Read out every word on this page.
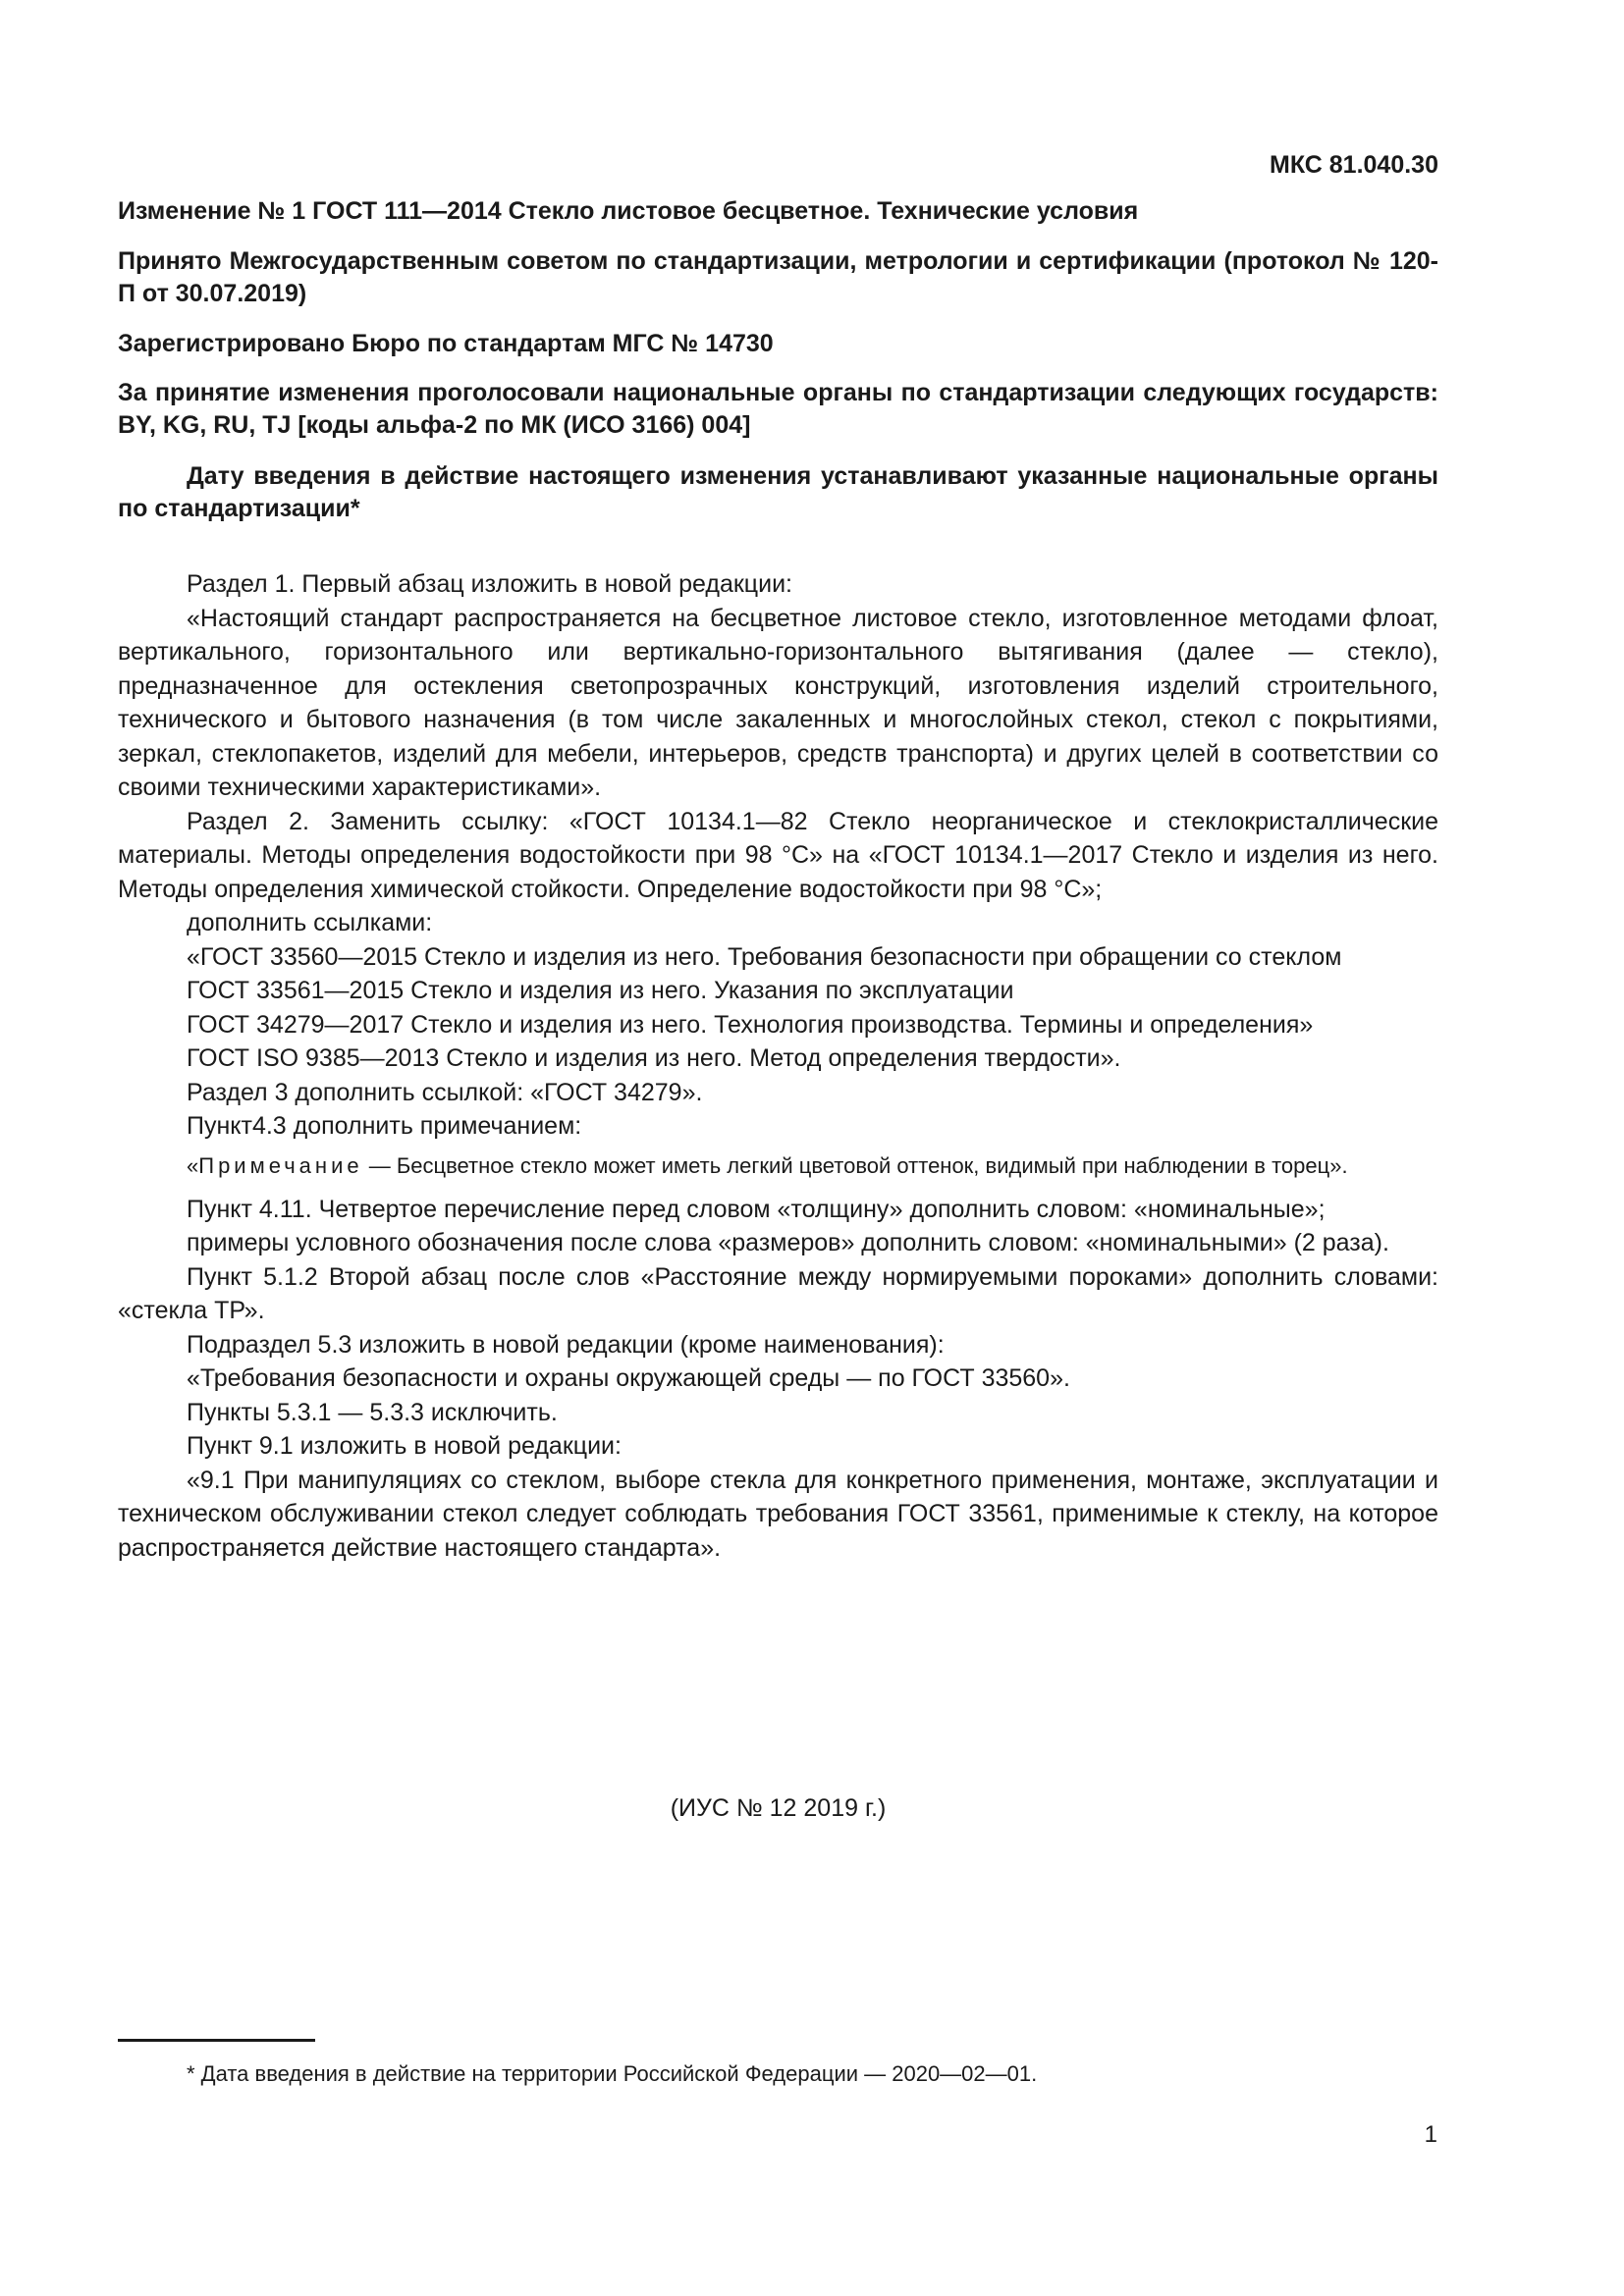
МКС 81.040.30
Изменение № 1 ГОСТ 111—2014 Стекло листовое бесцветное. Технические условия
Принято Межгосударственным советом по стандартизации, метрологии и сертификации (протокол № 120-П от 30.07.2019)
Зарегистрировано Бюро по стандартам МГС № 14730
За принятие изменения проголосовали национальные органы по стандартизации следующих государств: BY, KG, RU, TJ [коды альфа-2 по МК (ИСО 3166) 004]
Дату введения в действие настоящего изменения устанавливают указанные национальные органы по стандартизации*

Раздел 1. Первый абзац изложить в новой редакции:

«Настоящий стандарт распространяется на бесцветное листовое стекло, изготовленное методами флоат, вертикального, горизонтального или вертикально-горизонтального вытягивания (далее — стекло), предназначенное для остекления светопрозрачных конструкций, изготовления изделий строительного, технического и бытового назначения (в том числе закаленных и многослойных стекол, стекол с покрытиями, зеркал, стеклопакетов, изделий для мебели, интерьеров, средств транспорта) и других целей в соответствии со своими техническими характеристиками».

Раздел 2. Заменить ссылку: «ГОСТ 10134.1—82 Стекло неорганическое и стеклокристаллические материалы. Методы определения водостойкости при 98 °С» на «ГОСТ 10134.1—2017 Стекло и изделия из него. Методы определения химической стойкости. Определение водостойкости при 98 °С»;

дополнить ссылками:

«ГОСТ 33560—2015 Стекло и изделия из него. Требования безопасности при обращении со стеклом

ГОСТ 33561—2015 Стекло и изделия из него. Указания по эксплуатации

ГОСТ 34279—2017 Стекло и изделия из него. Технология производства. Термины и определения»

ГОСТ ISO 9385—2013 Стекло и изделия из него. Метод определения твердости».

Раздел 3 дополнить ссылкой: «ГОСТ 34279».

Пункт4.3 дополнить примечанием:

«Примечание — Бесцветное стекло может иметь легкий цветовой оттенок, видимый при наблюдении в торец».

Пункт 4.11. Четвертое перечисление перед словом «толщину» дополнить словом: «номинальные»;

примеры условного обозначения после слова «размеров» дополнить словом: «номинальными» (2 раза).

Пункт 5.1.2 Второй абзац после слов «Расстояние между нормируемыми пороками» дополнить словами: «стекла ТР».

Подраздел 5.3 изложить в новой редакции (кроме наименования):

«Требования безопасности и охраны окружающей среды — по ГОСТ 33560».

Пункты 5.3.1 — 5.3.3 исключить.

Пункт 9.1 изложить в новой редакции:

«9.1 При манипуляциях со стеклом, выборе стекла для конкретного применения, монтаже, эксплуатации и техническом обслуживании стекол следует соблюдать требования ГОСТ 33561, применимые к стеклу, на которое распространяется действие настоящего стандарта».

(ИУС № 12 2019 г.)
* Дата введения в действие на территории Российской Федерации — 2020—02—01.
1
